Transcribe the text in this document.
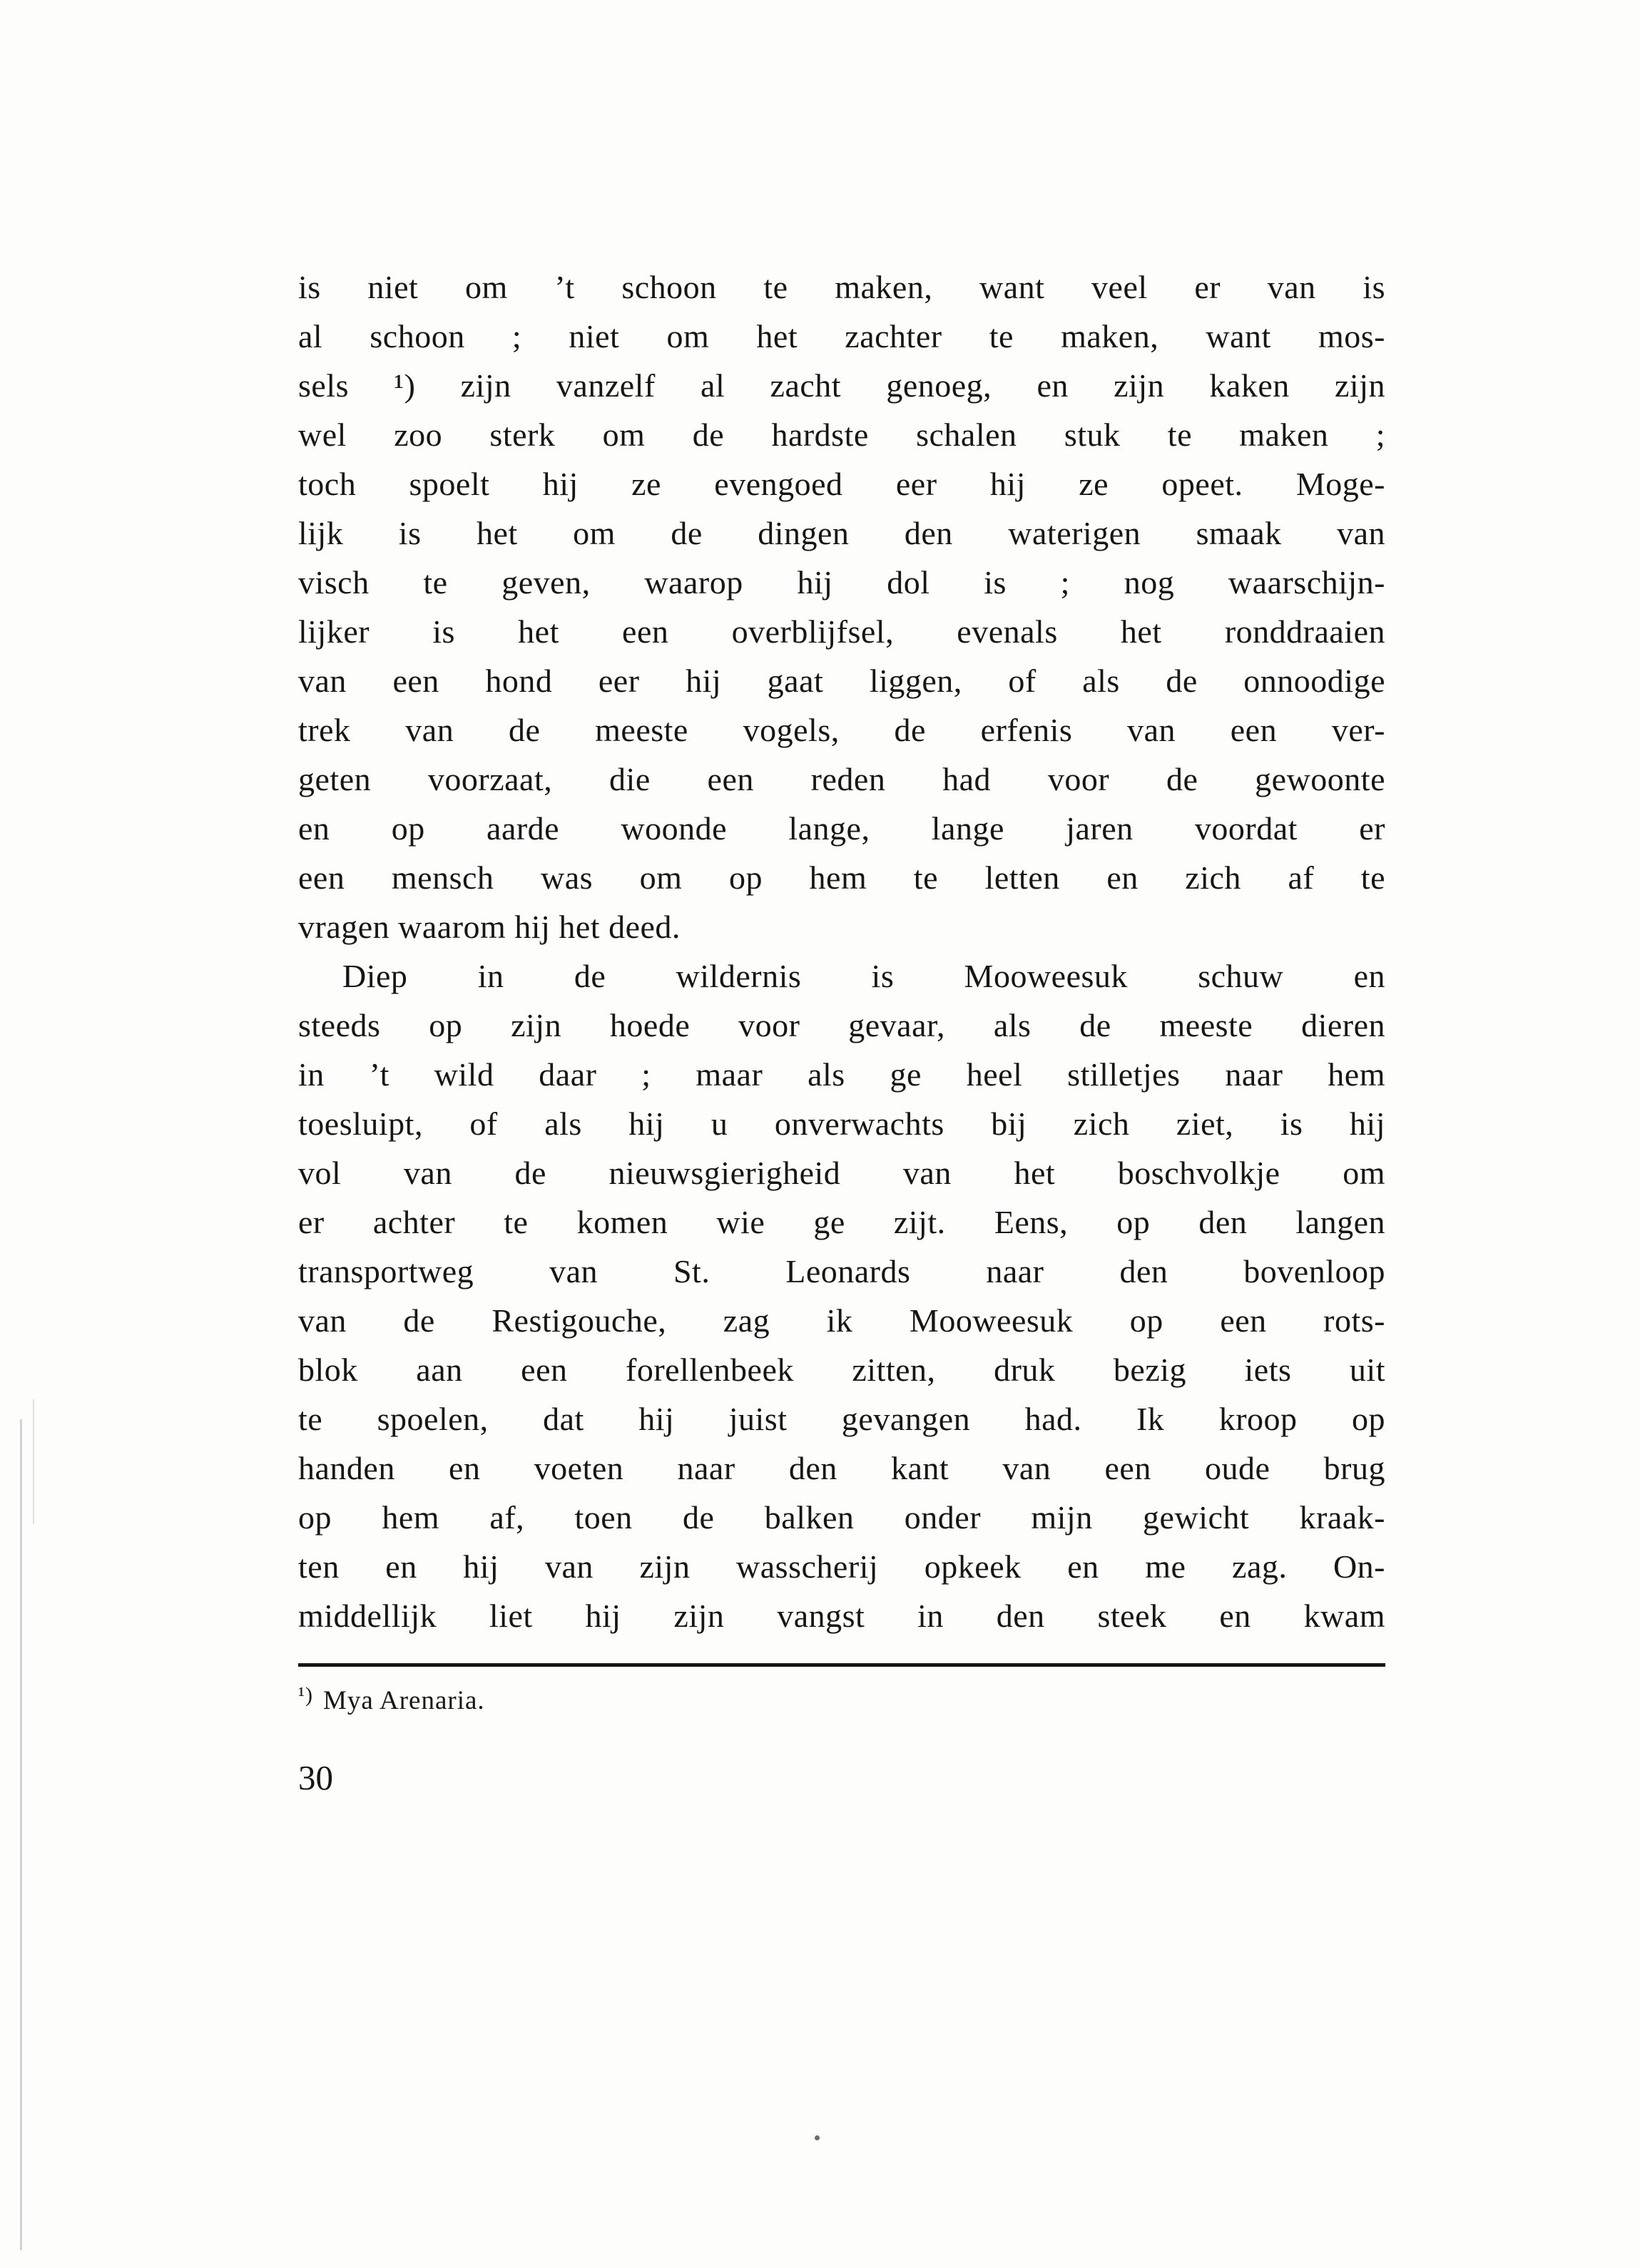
is niet om ’t schoon te maken, want veel er van is
al schoon ; niet om het zachter te maken, want mos-
sels ¹) zijn vanzelf al zacht genoeg, en zijn kaken zijn
wel zoo sterk om de hardste schalen stuk te maken ;
toch spoelt hij ze evengoed eer hij ze opeet. Moge-
lijk is het om de dingen den waterigen smaak van
visch te geven, waarop hij dol is ; nog waarschijn-
lijker is het een overblijfsel, evenals het ronddraaien
van een hond eer hij gaat liggen, of als de onnoodige
trek van de meeste vogels, de erfenis van een ver-
geten voorzaat, die een reden had voor de gewoonte
en op aarde woonde lange, lange jaren voordat er
een mensch was om op hem te letten en zich af te
vragen waarom hij het deed.
Diep in de wildernis is Mooweesuk schuw en
steeds op zijn hoede voor gevaar, als de meeste dieren
in ’t wild daar ; maar als ge heel stilletjes naar hem
toesluipt, of als hij u onverwachts bij zich ziet, is hij
vol van de nieuwsgierigheid van het boschvolkje om
er achter te komen wie ge zijt. Eens, op den langen
transportweg van St. Leonards naar den bovenloop
van de Restigouche, zag ik Mooweesuk op een rots-
blok aan een forellenbeek zitten, druk bezig iets uit
te spoelen, dat hij juist gevangen had. Ik kroop op
handen en voeten naar den kant van een oude brug
op hem af, toen de balken onder mijn gewicht kraak-
ten en hij van zijn wasscherij opkeek en me zag. On-
middellijk liet hij zijn vangst in den steek en kwam
$^{^1)}$ Mya Arenaria.
30
